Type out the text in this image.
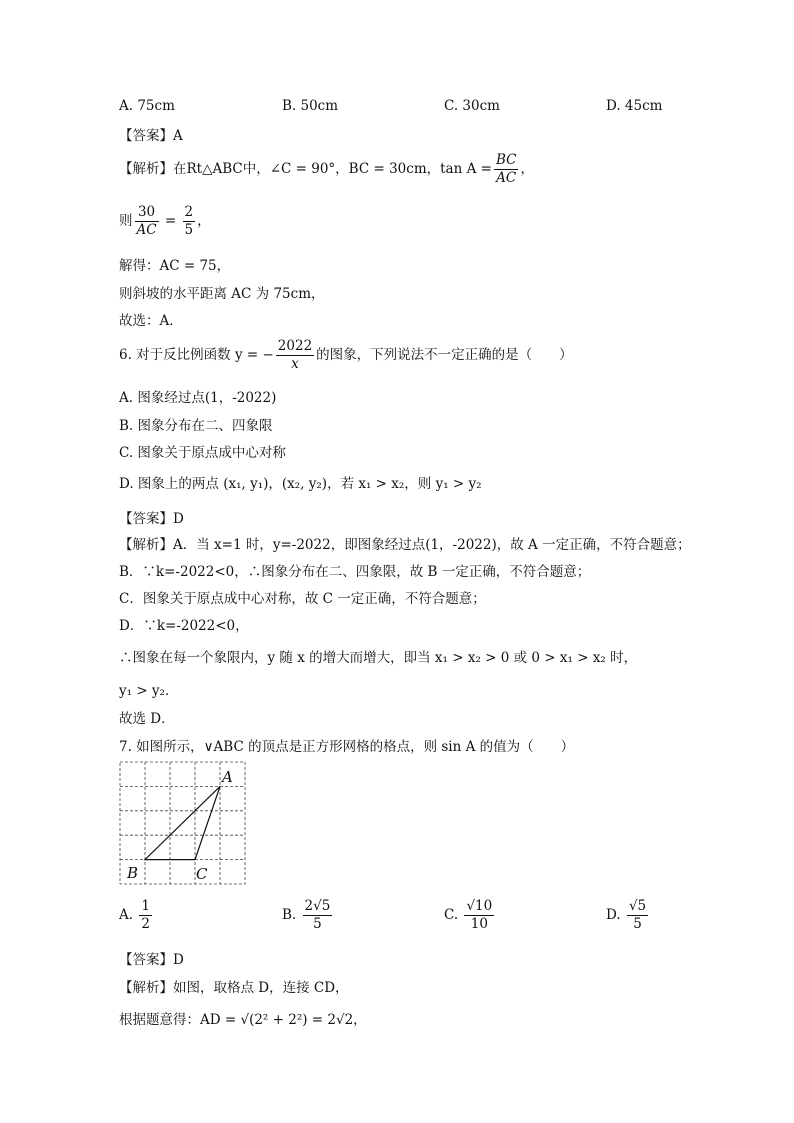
A. 75cm	B. 50cm	C. 30cm	D. 45cm
【答案】A
【解析】在Rt△ABC中，∠C = 90°，BC = 30cm，$\tan A = \frac{BC}{AC}$ ，
则 $\frac{30}{AC} = \frac{2}{5}$ ，
解得：AC = 75，
则斜坡的水平距离 AC 为 75cm，
故选：A．
6. 对于反比例函数 y = − $\frac{2022}{x}$ 的图象，下列说法不一定正确的是（　　）
A. 图象经过点(1，-2022)
B. 图象分布在二、四象限
C. 图象关于原点成中心对称
D. 图象上的两点 (x₁, y₁)，(x₂, y₂)，若 x₁ > x₂，则 y₁ > y₂
【答案】D
【解析】A．当 x=1 时，y=-2022，即图象经过点(1，-2022)，故 A 一定正确，不符合题意；
B．∵k=-2022<0，∴图象分布在二、四象限，故 B 一定正确，不符合题意；
C．图象关于原点成中心对称，故 C 一定正确，不符合题意；
D．∵k=-2022<0，
∴图象在每一个象限内，y 随 x 的增大而增大，即当 x₁ > x₂ > 0 或 0 > x₁ > x₂ 时，
y₁ > y₂．
故选 D．
7. 如图所示，∨ABC 的顶点是正方形网格的格点，则 sin A 的值为（　　）
A
B	C
A. $\frac{1}{2}$	B. $\frac{2√5}{5}$	C. $\frac{√10}{10}$	D. $\frac{√5}{5}$
【答案】D
【解析】如图，取格点 D，连接 CD，
根据题意得：AD = √(2² + 2²) = 2√2，
